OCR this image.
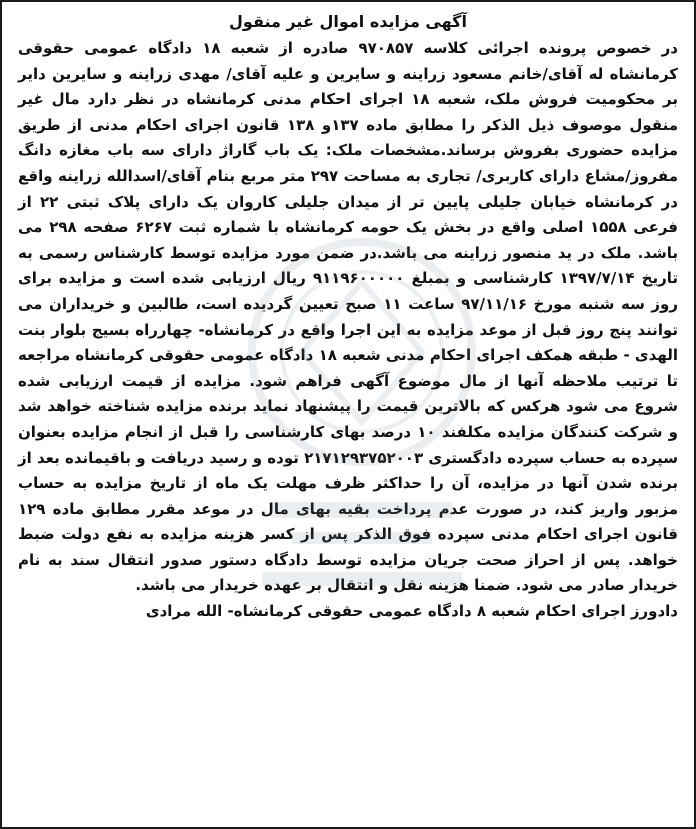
آگهی مزایده اموال غیر منقول

در خصوص پرونده اجرائی کلاسه ۹۷۰۸۵۷ صادره از شعبه ۱۸ دادگاه عمومی حقوقی کرمانشاه له آقای/خانم مسعود زراینه و سایرین و علیه آقای/ مهدی زراینه و سایرین دایر بر محکومیت فروش ملک، شعبه ۱۸ اجرای احکام مدنی کرمانشاه در نظر دارد مال غیر منقول موصوف ذیل الذکر را مطابق ماده ۱۳۷و ۱۳۸ قانون اجرای احکام مدنی از طریق مزایده حضوری بفروش برساند.مشخصات ملک: یک باب گاراژ دارای سه باب مغازه دانگ مفروز/مشاع دارای کاربری/ تجاری به مساحت ۲۹۷ متر مربع بنام آقای/اسدالله زراینه واقع در کرمانشاه خیابان جلیلی پایین تر از میدان جلیلی کاروان یک دارای پلاک ثبتی ۲۲ از فرعی ۱۵۵۸ اصلی واقع در بخش یک حومه کرمانشاه با شماره ثبت ۶۲۶۷ صفحه ۲۹۸ می باشد. ملک در ید منصور زراینه می باشد.در ضمن مورد مزایده توسط کارشناس رسمی به تاریخ ۱۳۹۷/۷/۱۴ کارشناسی و بمبلغ ۹۱۱۹۶۰۰۰۰۰ ریال ارزیابی شده است و مزایده برای روز سه شنبه مورخ ۹۷/۱۱/۱۶ ساعت ۱۱ صبح تعیین گردیده است، طالبین و خریداران می توانند پنج روز قبل از موعد مزایده به این اجرا واقع در کرمانشاه- چهارراه بسیج بلوار بنت الهدی - طبقه همکف اجرای احکام مدنی شعبه ۱۸ دادگاه عمومی حقوقی کرمانشاه مراجعه تا ترتیب ملاحظه آنها از مال موضوع آگهی فراهم شود. مزایده از قیمت ارزیابی شده شروع می شود هرکس که بالاترین قیمت را پیشنهاد نماید برنده مزایده شناخته خواهد شد و شرکت کنندگان مزایده مکلفند ۱۰ درصد بهای کارشناسی را قبل از انجام مزایده بعنوان سپرده به حساب سپرده دادگستری ۲۱۷۱۲۹۳۷۵۲۰۰۳ توده و رسید دریافت و باقیمانده بعد از برنده شدن آنها در مزایده، آن را حداکثر ظرف مهلت یک ماه از تاریخ مزایده به حساب مزبور واریز کند، در صورت عدم پرداخت بقیه بهای مال در موعد مقرر مطابق ماده ۱۲۹ قانون اجرای احکام مدنی سپرده فوق الذکر پس از کسر هزینه مزایده به نفع دولت ضبط خواهد. پس از احراز صحت جریان مزایده توسط دادگاه دستور صدور انتقال سند به نام خریدار صادر می شود. ضمنا هزینه نقل و انتقال بر عهده خریدار می باشد.

دادورز اجرای احکام شعبه ۸ دادگاه عمومی حقوقی کرمانشاه- الله مرادی
